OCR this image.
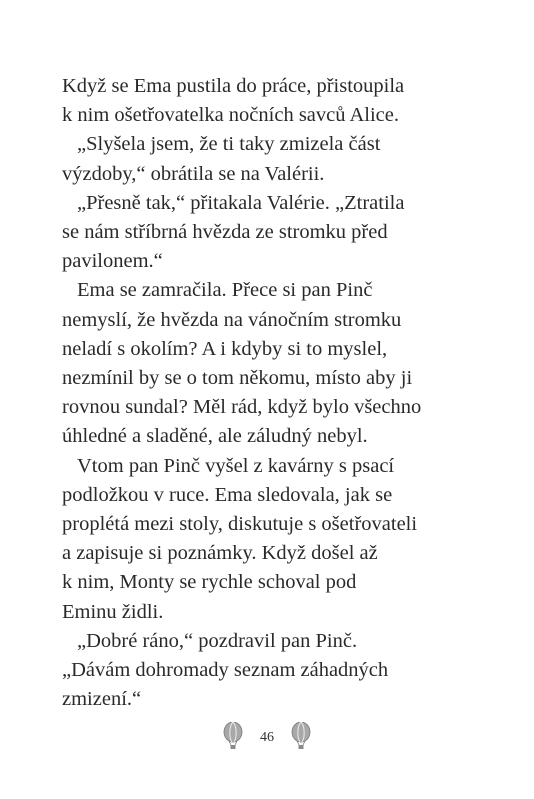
Když se Ema pustila do práce, přistoupila
k nim ošetřovatelka nočních savců Alice.
„Slyšela jsem, že ti taky zmizela část
výzdoby,“ obrátila se na Valérii.
„Přesně tak,“ přitakala Valérie. „Ztratila
se nám stříbrná hvězda ze stromku před
pavilonem.“
Ema se zamračila. Přece si pan Pinč
nemyslí, že hvězda na vánočním stromku
neladí s okolím? A i kdyby si to myslel,
nezmínil by se o tom někomu, místo aby ji
rovnou sundal? Měl rád, když bylo všechno
úhledné a sladěné, ale záludný nebyl.
Vtom pan Pinč vyšel z kavárny s psací
podložkou v ruce. Ema sledovala, jak se
proplétá mezi stoly, diskutuje s ošetřovateli
a zapisuje si poznámky. Když došel až
k nim, Monty se rychle schoval pod
Eminu židli.
„Dobré ráno,“ pozdravil pan Pinč.
„Dávám dohromady seznam záhadných
zmizení.“
46
